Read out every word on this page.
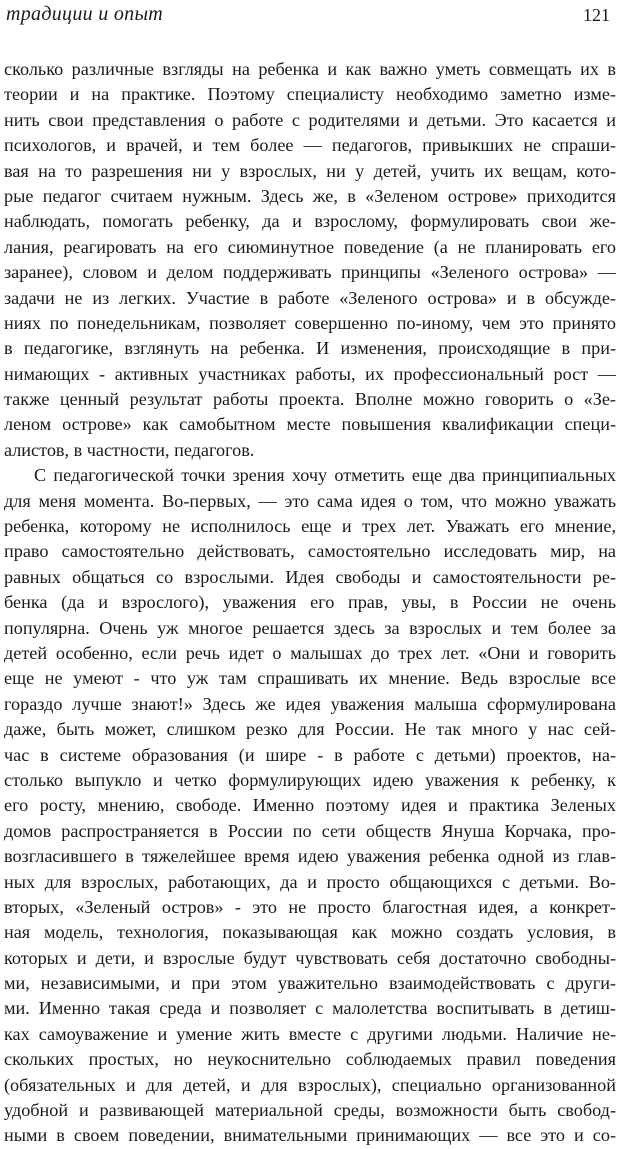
традиции и опыт	121
сколько различные взгляды на ребенка и как важно уметь совмещать их в
теории и на практике. Поэтому специалисту необходимо заметно изме-
нить свои представления о работе с родителями и детьми. Это касается и
психологов, и врачей, и тем более — педагогов, привыкших не спраши-
вая на то разрешения ни у взрослых, ни у детей, учить их вещам, кото-
рые педагог считаем нужным. Здесь же, в «Зеленом острове» приходится
наблюдать, помогать ребенку, да и взрослому, формулировать свои же-
лания, реагировать на его сиюминутное поведение (а не планировать его
заранее), словом и делом поддерживать принципы «Зеленого острова» —
задачи не из легких. Участие в работе «Зеленого острова» и в обсужде-
ниях по понедельникам, позволяет совершенно по-иному, чем это принято
в педагогике, взглянуть на ребенка. И изменения, происходящие в при-
нимающих - активных участниках работы, их профессиональный рост —
также ценный результат работы проекта. Вполне можно говорить о «Зе-
леном острове» как самобытном месте повышения квалификации специ-
алистов, в частности, педагогов.
С педагогической точки зрения хочу отметить еще два принципиальных
для меня момента. Во-первых, — это сама идея о том, что можно уважать
ребенка, которому не исполнилось еще и трех лет. Уважать его мнение,
право самостоятельно действовать, самостоятельно исследовать мир, на
равных общаться со взрослыми. Идея свободы и самостоятельности ре-
бенка (да и взрослого), уважения его прав, увы, в России не очень
популярна. Очень уж многое решается здесь за взрослых и тем более за
детей особенно, если речь идет о малышах до трех лет. «Они и говорить
еще не умеют - что уж там спрашивать их мнение. Ведь взрослые все
гораздо лучше знают!» Здесь же идея уважения малыша сформулирована
даже, быть может, слишком резко для России. Не так много у нас сей-
час в системе образования (и шире - в работе с детьми) проектов, на-
столько выпукло и четко формулирующих идею уважения к ребенку, к
его росту, мнению, свободе. Именно поэтому идея и практика Зеленых
домов распространяется в России по сети обществ Януша Корчака, про-
возгласившего в тяжелейшее время идею уважения ребенка одной из глав-
ных для взрослых, работающих, да и просто общающихся с детьми. Во-
вторых, «Зеленый остров» - это не просто благостная идея, а конкрет-
ная модель, технология, показывающая как можно создать условия, в
которых и дети, и взрослые будут чувствовать себя достаточно свободны-
ми, независимыми, и при этом уважительно взаимодействовать с други-
ми. Именно такая среда и позволяет с малолетства воспитывать в детиш-
ках самоуважение и умение жить вместе с другими людьми. Наличие не-
скольких простых, но неукоснительно соблюдаемых правил поведения
(обязательных и для детей, и для взрослых), специально организованной
удобной и развивающей материальной среды, возможности быть свобод-
ными в своем поведении, внимательными принимающих — все это и со-
